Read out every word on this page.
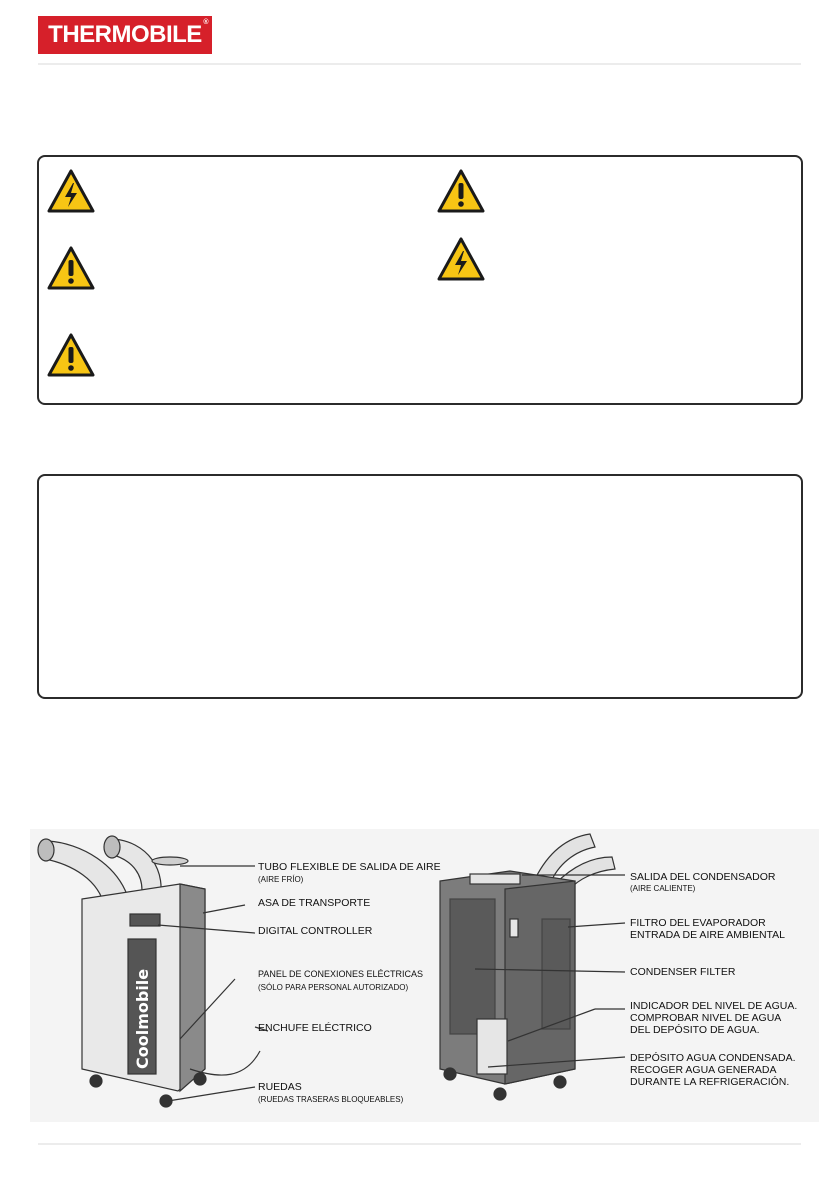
THERMOBILE ®
Coolmobile
TUBO FLEXIBLE DE SALIDA DE AIRE
(AIRE FRÍO)
ASA DE TRANSPORTE
DIGITAL CONTROLLER
PANEL DE CONEXIONES ELÉCTRICAS
(SÓLO PARA PERSONAL AUTORIZADO)
ENCHUFE ELÉCTRICO
RUEDAS
(RUEDAS TRASERAS BLOQUEABLES)
SALIDA DEL CONDENSADOR
(AIRE CALIENTE)
FILTRO DEL EVAPORADOR
ENTRADA DE AIRE AMBIENTAL
CONDENSER FILTER
INDICADOR DEL NIVEL DE AGUA.
COMPROBAR NIVEL DE AGUA
DEL DEPÓSITO DE AGUA.
DEPÓSITO AGUA CONDENSADA.
RECOGER AGUA GENERADA
DURANTE LA REFRIGERACIÓN.
